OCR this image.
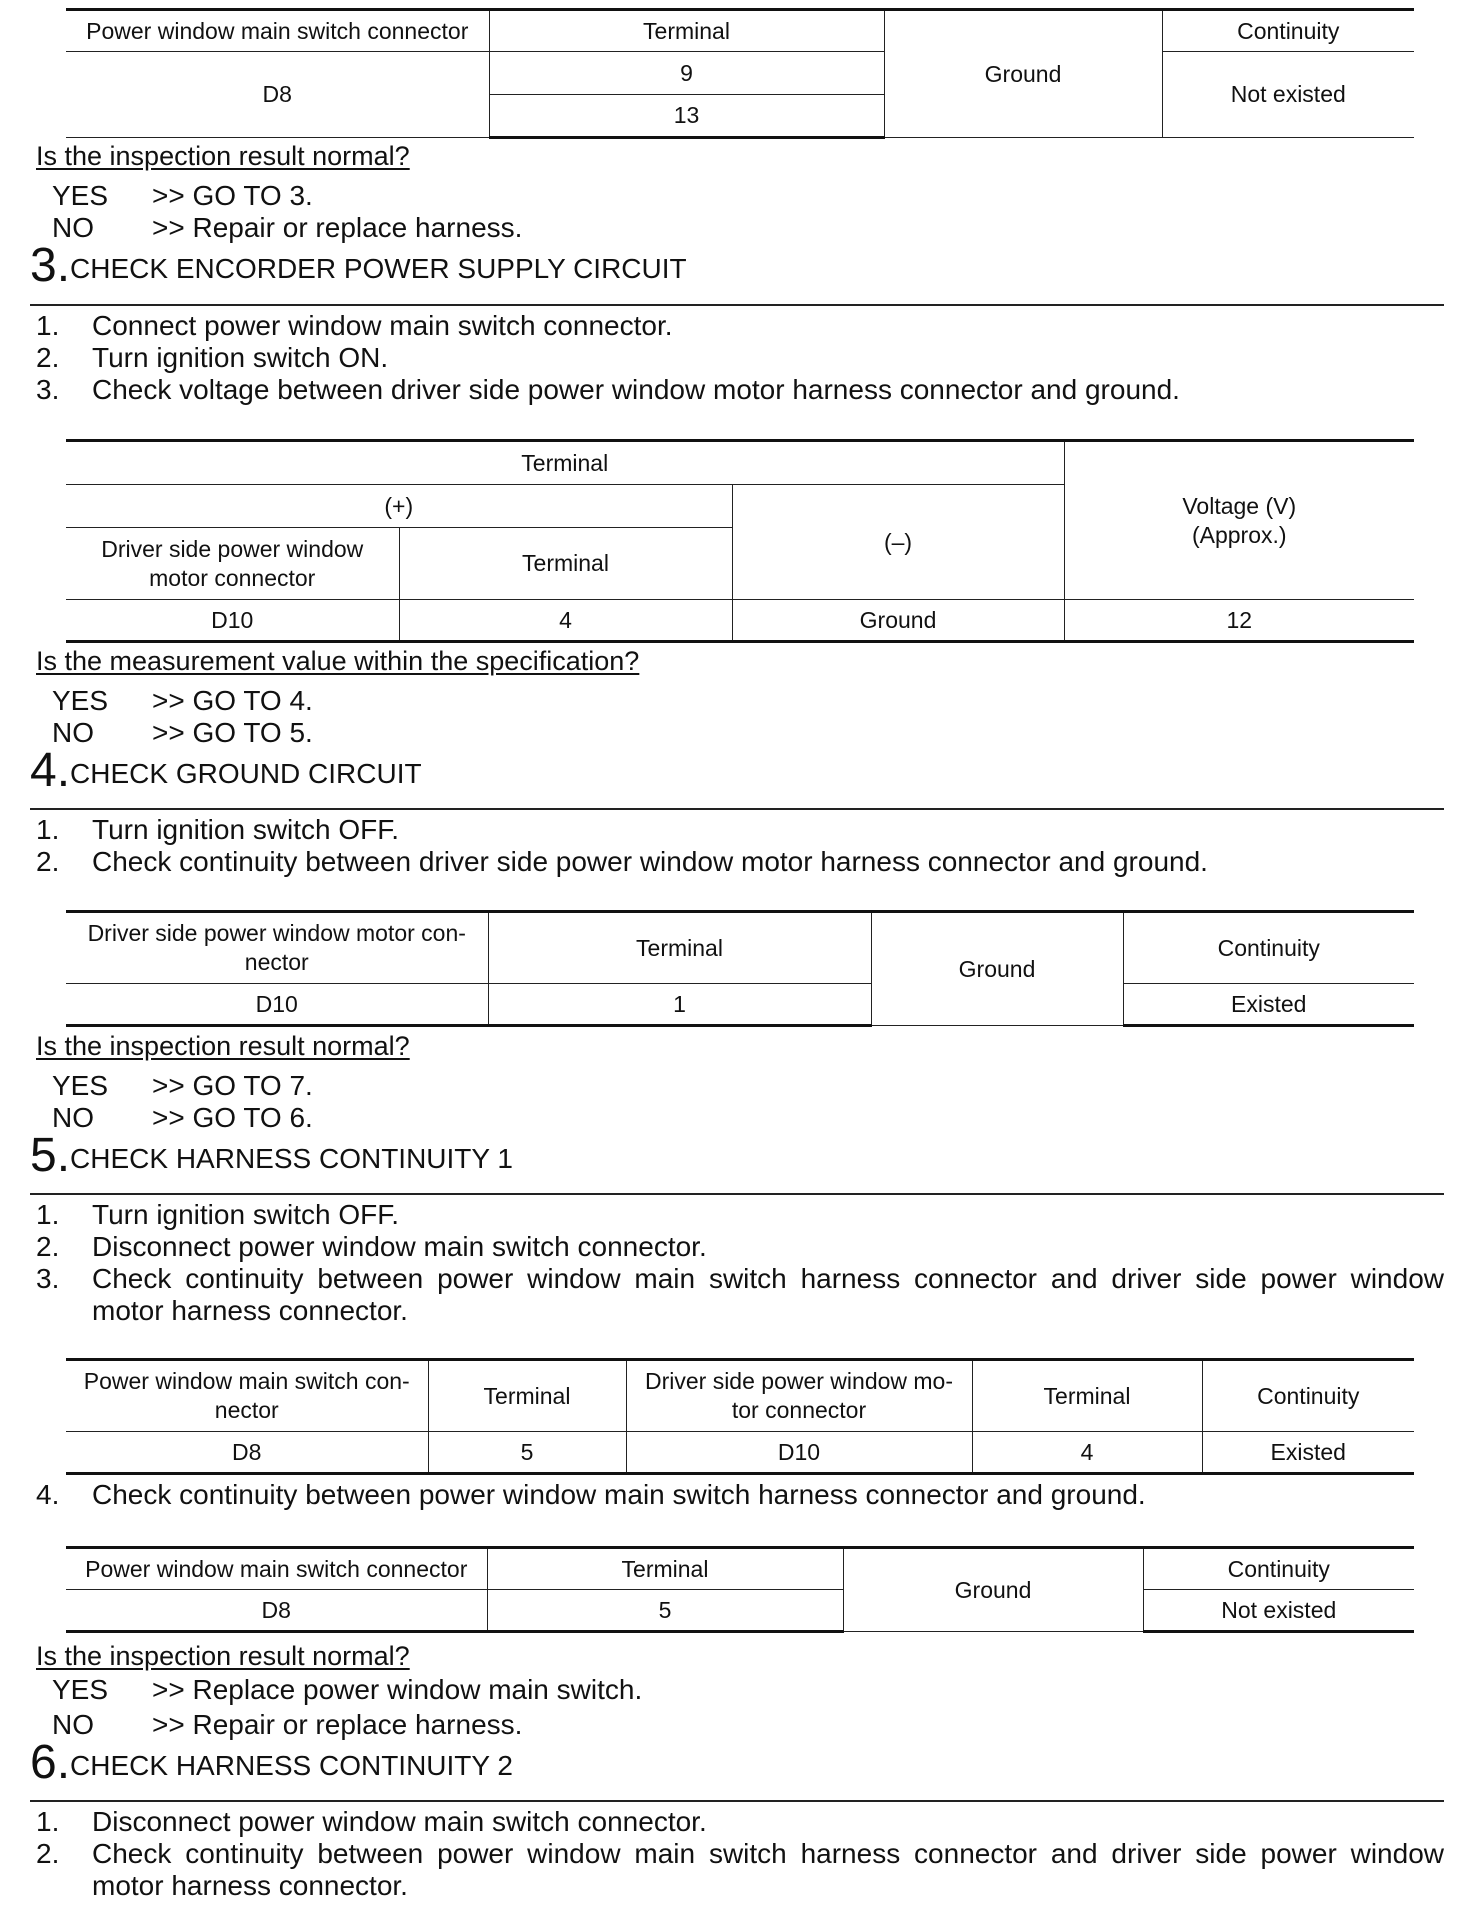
Power window main switch connector	Terminal	Ground	Continuity
D8	9		Not existed
	13		
Is the inspection result normal?
YES >> GO TO 3.
NO >> Repair or replace harness.
3.CHECK ENCORDER POWER SUPPLY CIRCUIT
1. Connect power window main switch connector.
2. Turn ignition switch ON.
3. Check voltage between driver side power window motor harness connector and ground.
Terminal			Voltage (V)
(Approx.)
(+)		(–)	
Driver side power window motor connector	Terminal		
D10	4	Ground	12
Is the measurement value within the specification?
YES >> GO TO 4.
NO >> GO TO 5.
4.CHECK GROUND CIRCUIT
1. Turn ignition switch OFF.
2. Check continuity between driver side power window motor harness connector and ground.
Driver side power window motor con-nector	Terminal	Ground	Continuity
D10	1		Existed
Is the inspection result normal?
YES >> GO TO 7.
NO >> GO TO 6.
5.CHECK HARNESS CONTINUITY 1
1. Turn ignition switch OFF.
2. Disconnect power window main switch connector.
3. Check continuity between power window main switch harness connector and driver side power window motor harness connector.
Power window main switch con-nector	Terminal	Driver side power window mo-tor connector	Terminal	Continuity
D8	5	D10	4	Existed
4. Check continuity between power window main switch harness connector and ground.
Power window main switch connector	Terminal	Ground	Continuity
D8	5		Not existed
Is the inspection result normal?
YES >> Replace power window main switch.
NO >> Repair or replace harness.
6.CHECK HARNESS CONTINUITY 2
1. Disconnect power window main switch connector.
2. Check continuity between power window main switch harness connector and driver side power window motor harness connector.
